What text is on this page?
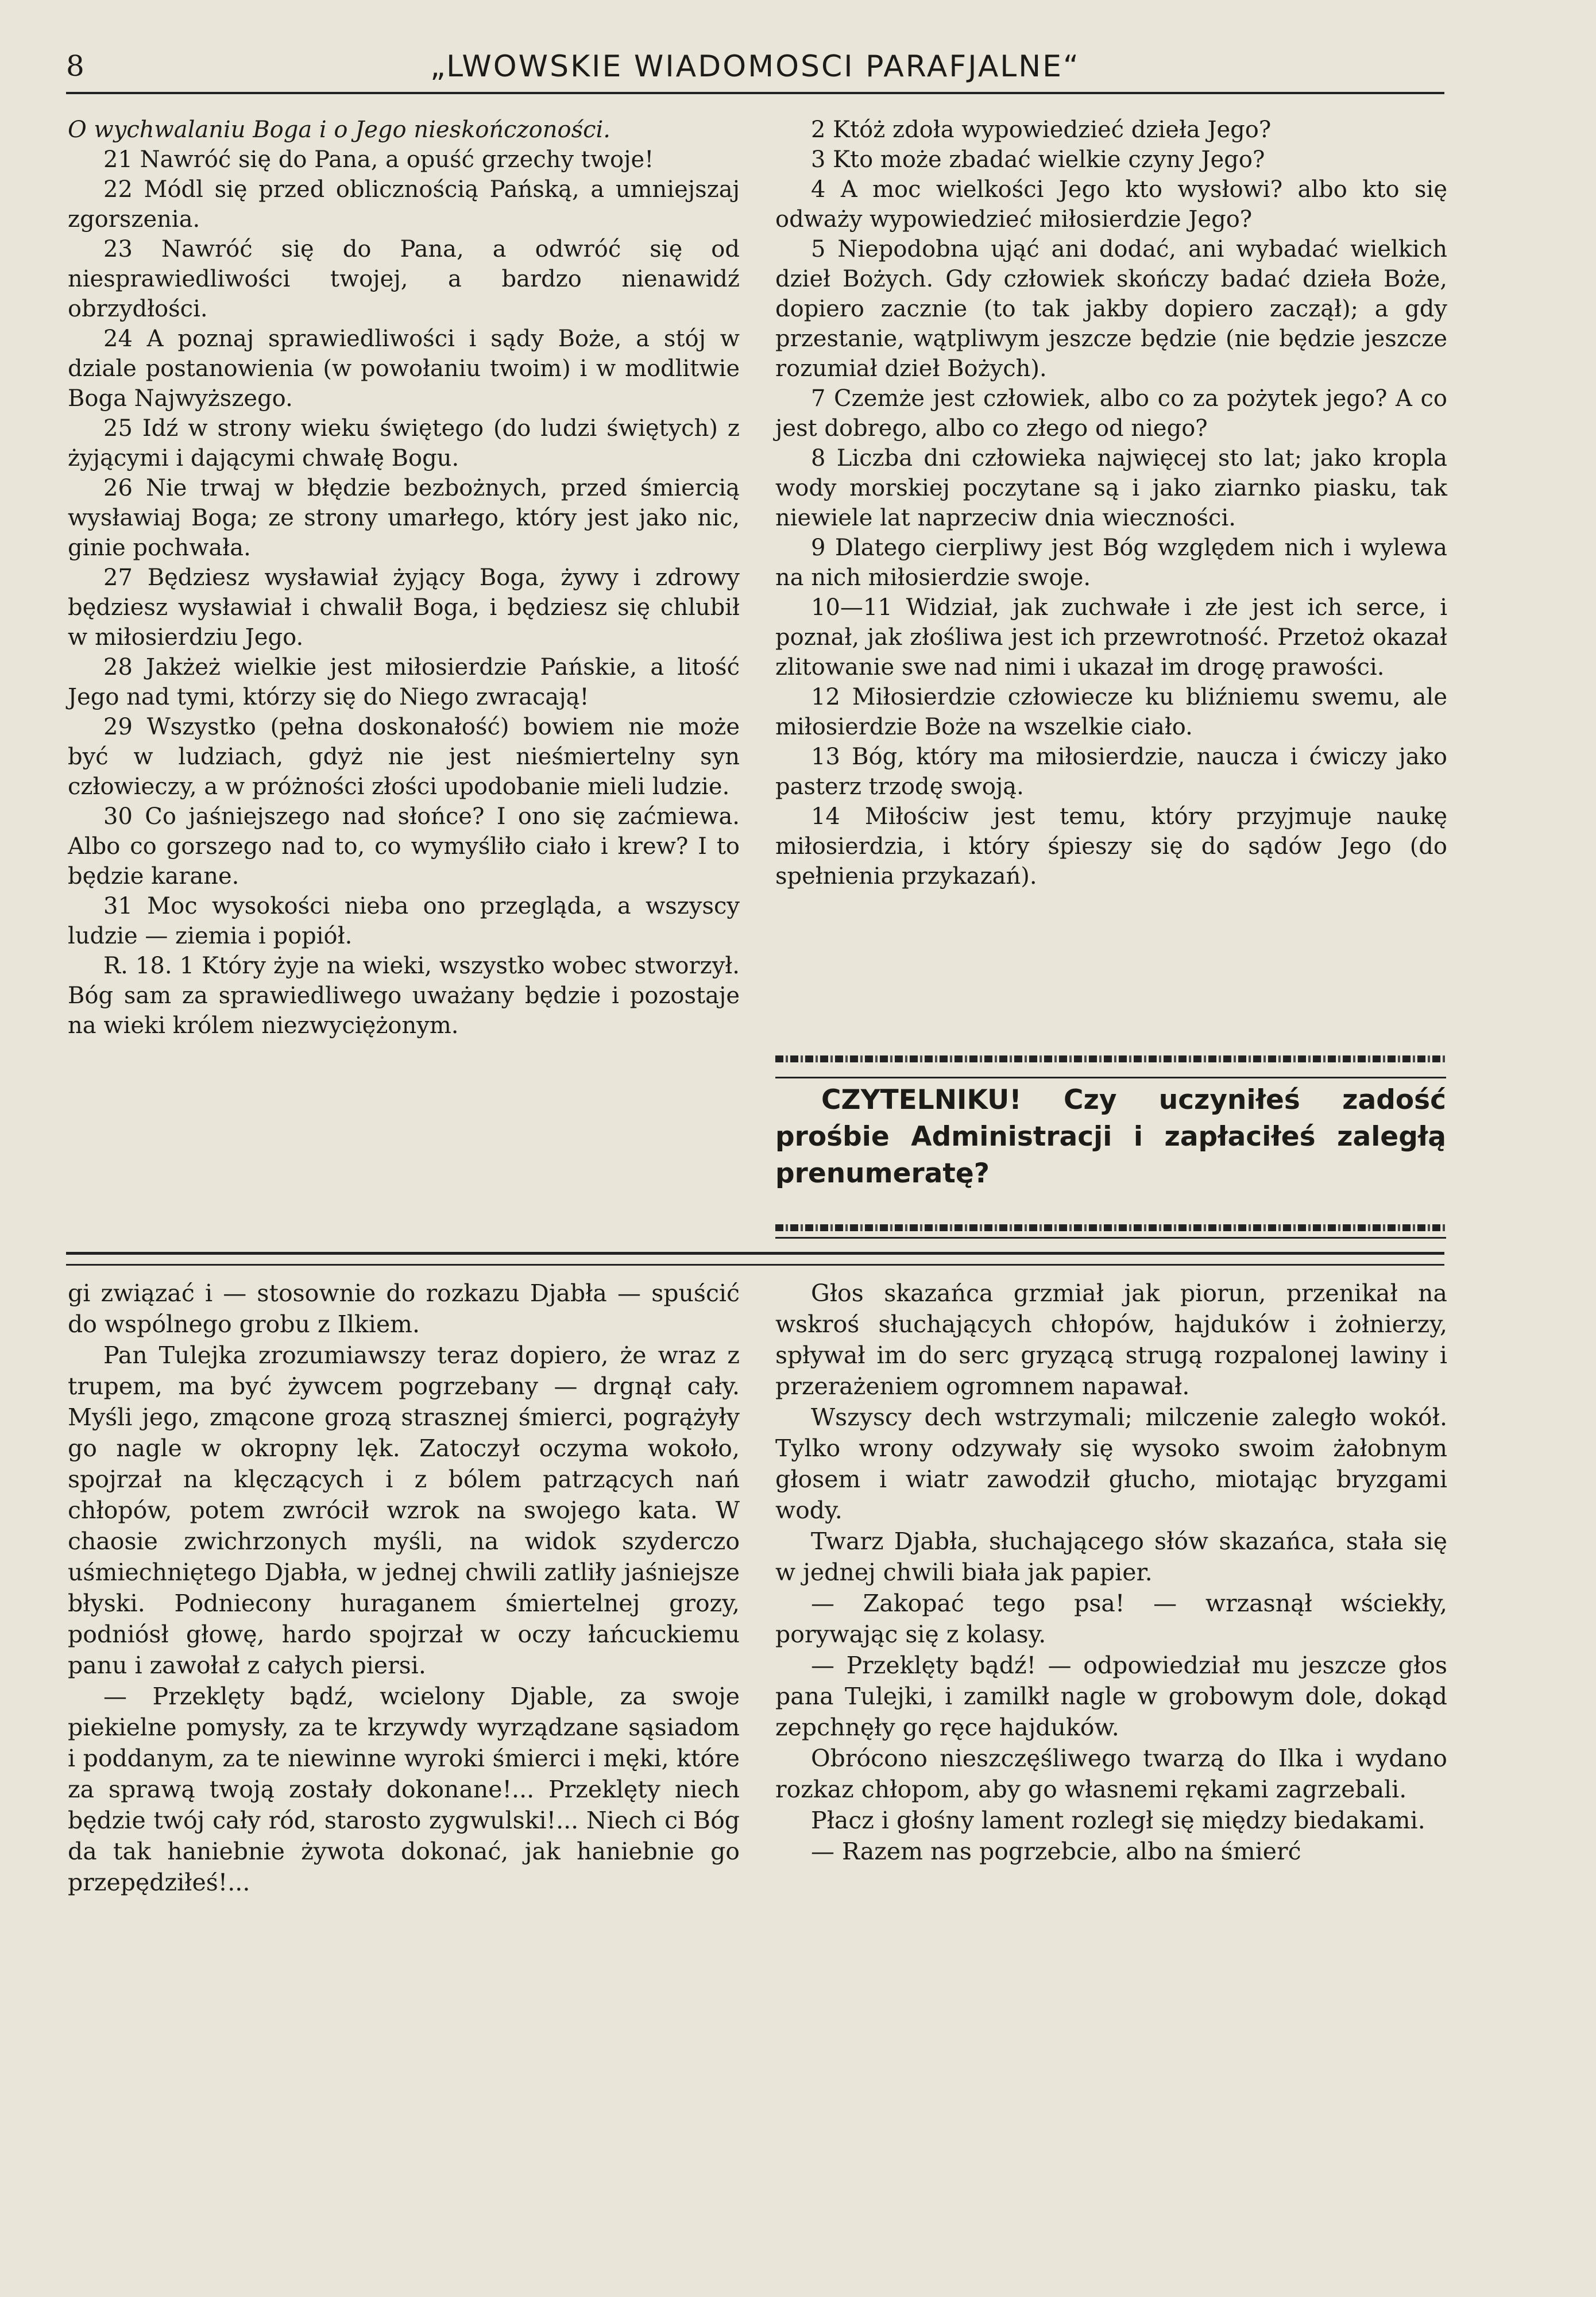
8	„LWOWSKIE WIADOMOSCI PARAFJALNE“

O wychwalaniu Boga i o Jego nieskończoności.

21 Nawróć się do Pana, a opuść grzechy twoje!

22 Módl się przed oblicznością Pańską, a umniejszaj zgorszenia.

23 Nawróć się do Pana, a odwróć się od niesprawiedliwości twojej, a bardzo nienawidź obrzydłości.

24 A poznaj sprawiedliwości i sądy Boże, a stój w dziale postanowienia (w powołaniu twoim) i w modlitwie Boga Najwyższego.

25 Idź w strony wieku świętego (do ludzi świętych) z żyjącymi i dającymi chwałę Bogu.

26 Nie trwaj w błędzie bezbożnych, przed śmiercią wysławiaj Boga; ze strony umarłego, który jest jako nic, ginie pochwała.

27 Będziesz wysławiał żyjący Boga, żywy i zdrowy będziesz wysławiał i chwalił Boga, i będziesz się chlubił w miłosierdziu Jego.

28 Jakżeż wielkie jest miłosierdzie Pańskie, a litość Jego nad tymi, którzy się do Niego zwracają!

29 Wszystko (pełna doskonałość) bowiem nie może być w ludziach, gdyż nie jest nieśmiertelny syn człowieczy, a w próżności złości upodobanie mieli ludzie.

30 Co jaśniejszego nad słońce? I ono się zaćmiewa. Albo co gorszego nad to, co wymyśliło ciało i krew? I to będzie karane.

31 Moc wysokości nieba ono przegląda, a wszyscy ludzie — ziemia i popiół.

R. 18. 1 Który żyje na wieki, wszystko wobec stworzył. Bóg sam za sprawiedliwego uważany będzie i pozostaje na wieki królem niezwyciężonym.

2 Któż zdoła wypowiedzieć dzieła Jego?

3 Kto może zbadać wielkie czyny Jego?

4 A moc wielkości Jego kto wysłowi? albo kto się odważy wypowiedzieć miłosierdzie Jego?

5 Niepodobna ująć ani dodać, ani wybadać wielkich dzieł Bożych. Gdy człowiek skończy badać dzieła Boże, dopiero zacznie (to tak jakby dopiero zaczął); a gdy przestanie, wątpliwym jeszcze będzie (nie będzie jeszcze rozumiał dzieł Bożych).

7 Czemże jest człowiek, albo co za pożytek jego? A co jest dobrego, albo co złego od niego?

8 Liczba dni człowieka najwięcej sto lat; jako kropla wody morskiej poczytane są i jako ziarnko piasku, tak niewiele lat naprzeciw dnia wieczności.

9 Dlatego cierpliwy jest Bóg względem nich i wylewa na nich miłosierdzie swoje.

10—11 Widział, jak zuchwałe i złe jest ich serce, i poznał, jak złośliwa jest ich przewrotność. Przetoż okazał zlitowanie swe nad nimi i ukazał im drogę prawości.

12 Miłosierdzie człowiecze ku bliźniemu swemu, ale miłosierdzie Boże na wszelkie ciało.

13 Bóg, który ma miłosierdzie, naucza i ćwiczy jako pasterz trzodę swoją.

14 Miłościw jest temu, który przyjmuje naukę miłosierdzia, i który śpieszy się do sądów Jego (do spełnienia przykazań).

CZYTELNIKU! Czy uczyniłeś zadość prośbie Administracji i zapłaciłeś zaległą prenumeratę?

gi związać i — stosownie do rozkazu Djabła — spuścić do wspólnego grobu z Ilkiem.

Pan Tulejka zrozumiawszy teraz dopiero, że wraz z trupem, ma być żywcem pogrzebany — drgnął cały. Myśli jego, zmącone grozą strasznej śmierci, pogrążyły go nagle w okropny lęk. Zatoczył oczyma wokoło, spojrzał na klęczących i z bólem patrzących nań chłopów, potem zwrócił wzrok na swojego kata. W chaosie zwichrzonych myśli, na widok szyderczo uśmiechniętego Djabła, w jednej chwili zatliły jaśniejsze błyski. Podniecony huraganem śmiertelnej grozy, podniósł głowę, hardo spojrzał w oczy łańcuckiemu panu i zawołał z całych piersi.

— Przeklęty bądź, wcielony Djable, za swoje piekielne pomysły, za te krzywdy wyrządzane sąsiadom i poddanym, za te niewinne wyroki śmierci i męki, które za sprawą twoją zostały dokonane!... Przeklęty niech będzie twój cały ród, starosto zygwulski!... Niech ci Bóg da tak haniebnie żywota dokonać, jak haniebnie go przepędziłeś!...

Głos skazańca grzmiał jak piorun, przenikał na wskroś słuchających chłopów, hajduków i żołnierzy, spływał im do serc gryzącą strugą rozpalonej lawiny i przerażeniem ogromnem napawał.

Wszyscy dech wstrzymali; milczenie zaległo wokół. Tylko wrony odzywały się wysoko swoim żałobnym głosem i wiatr zawodził głucho, miotając bryzgami wody.

Twarz Djabła, słuchającego słów skazańca, stała się w jednej chwili biała jak papier.

— Zakopać tego psa! — wrzasnął wściekły, porywając się z kolasy.

— Przeklęty bądź! — odpowiedział mu jeszcze głos pana Tulejki, i zamilkł nagle w grobowym dole, dokąd zepchnęły go ręce hajduków.

Obrócono nieszczęśliwego twarzą do Ilka i wydano rozkaz chłopom, aby go własnemi rękami zagrzebali.

Płacz i głośny lament rozległ się między biedakami.

— Razem nas pogrzebcie, albo na śmierć
